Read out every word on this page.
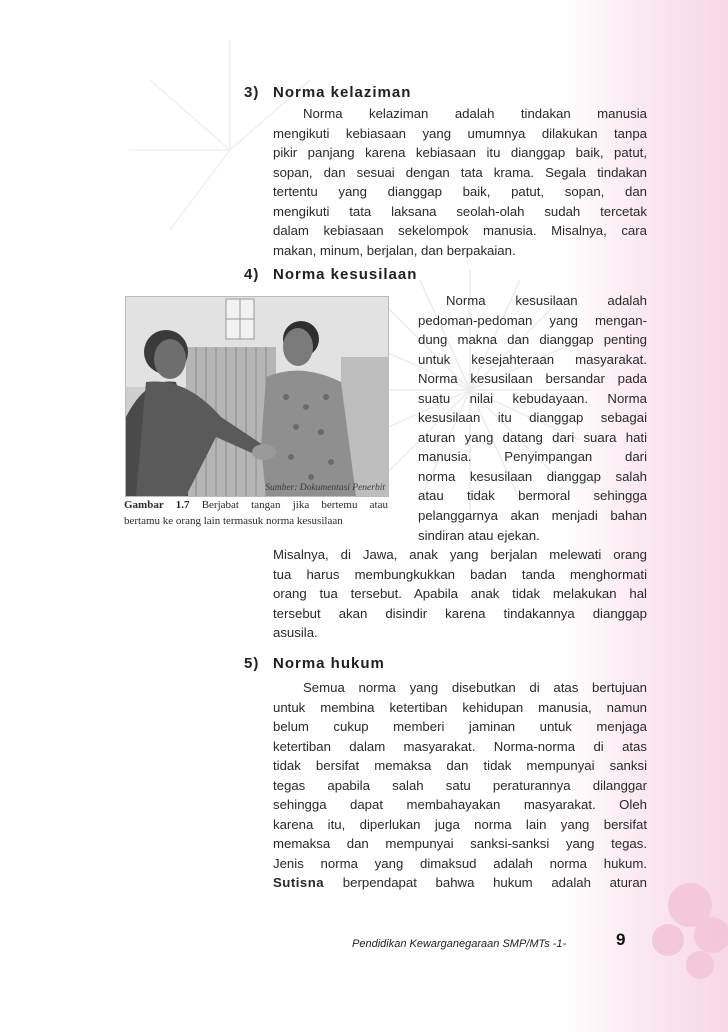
3) Norma kelaziman
Norma kelaziman adalah tindakan manusia
mengikuti kebiasaan yang umumnya dilakukan tanpa
pikir panjang karena kebiasaan itu dianggap baik, patut,
sopan, dan sesuai dengan tata krama. Segala tindakan
tertentu yang dianggap baik, patut, sopan, dan
mengikuti tata laksana seolah-olah sudah tercetak
dalam kebiasaan sekelompok manusia. Misalnya, cara
makan, minum, berjalan, dan berpakaian.
4) Norma kesusilaan
Sumber: Dokumentasi Penerbit
Gambar 1.7 Berjabat tangan jika bertemu atau
bertamu ke orang lain termasuk norma kesusilaan
Norma kesusilaan adalah
pedoman-pedoman yang mengan-
dung makna dan dianggap penting
untuk kesejahteraan masyarakat.
Norma kesusilaan bersandar pada
suatu nilai kebudayaan. Norma
kesusilaan itu dianggap sebagai
aturan yang datang dari suara hati
manusia. Penyimpangan dari
norma kesusilaan dianggap salah
atau tidak bermoral sehingga
pelanggarnya akan menjadi bahan
sindiran atau ejekan.
Misalnya, di Jawa, anak yang berjalan melewati orang
tua harus membungkukkan badan tanda menghormati
orang tua tersebut. Apabila anak tidak melakukan hal
tersebut akan disindir karena tindakannya dianggap
asusila.
5) Norma hukum
Semua norma yang disebutkan di atas bertujuan
untuk membina ketertiban kehidupan manusia, namun
belum cukup memberi jaminan untuk menjaga
ketertiban dalam masyarakat. Norma-norma di atas
tidak bersifat memaksa dan tidak mempunyai sanksi
tegas apabila salah satu peraturannya dilanggar
sehingga dapat membahayakan masyarakat. Oleh
karena itu, diperlukan juga norma lain yang bersifat
memaksa dan mempunyai sanksi-sanksi yang tegas.
Jenis norma yang dimaksud adalah norma hukum.
Sutisna berpendapat bahwa hukum adalah aturan
Pendidikan Kewarganegaraan SMP/MTs -1-	9
